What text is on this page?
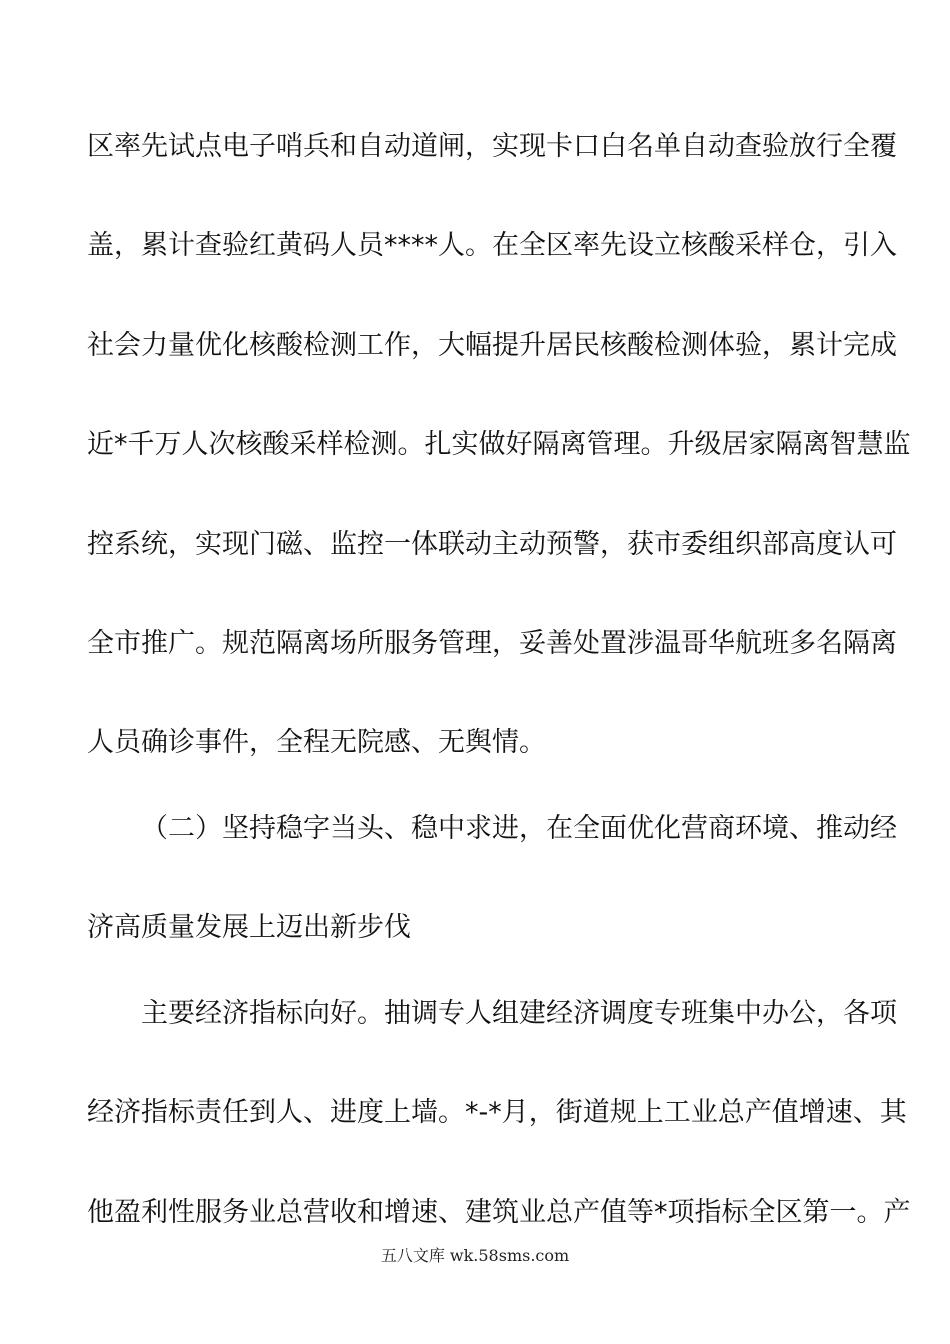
区率先试点电子哨兵和自动道闸，实现卡口白名单自动查验放行全覆
盖，累计查验红黄码人员****人。在全区率先设立核酸采样仓，引入
社会力量优化核酸检测工作，大幅提升居民核酸检测体验，累计完成
近*千万人次核酸采样检测。扎实做好隔离管理。升级居家隔离智慧监
控系统，实现门磁、监控一体联动主动预警，获市委组织部高度认可
全市推广。规范隔离场所服务管理，妥善处置涉温哥华航班多名隔离
人员确诊事件，全程无院感、无舆情。
（二）坚持稳字当头、稳中求进，在全面优化营商环境、推动经
济高质量发展上迈出新步伐
主要经济指标向好。抽调专人组建经济调度专班集中办公，各项
经济指标责任到人、进度上墙。*-*月，街道规上工业总产值增速、其
他盈利性服务业总营收和增速、建筑业总产值等*项指标全区第一。产
五八文库 wk.58sms.com
